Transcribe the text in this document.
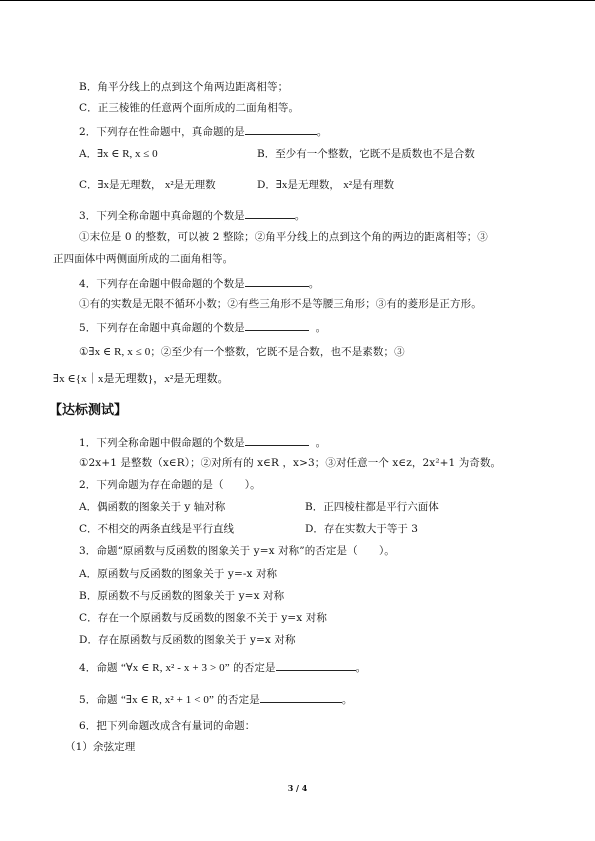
B．角平分线上的点到这个角两边距离相等；
C．正三棱锥的任意两个面所成的二面角相等。
2．下列存在性命题中，真命题的是	。
A．∃x ∈ R, x ≤ 0	B．至少有一个整数，它既不是质数也不是合数
C．∃x是无理数， x²是无理数	D．∃x是无理数， x²是有理数
3．下列全称命题中真命题的个数是	。
①末位是 0 的整数，可以被 2 整除；②角平分线上的点到这个角的两边的距离相等；③
正四面体中两侧面所成的二面角相等。
4．下列存在命题中假命题的个数是	。
①有的实数是无限不循环小数；②有些三角形不是等腰三角形；③有的菱形是正方形。
5．下列存在命题中真命题的个数是	。
①∃x ∈ R, x ≤ 0；②至少有一个整数，它既不是合数，也不是素数；③
∃x ∈{x｜x是无理数}，x²是无理数。
【达标测试】
1．下列全称命题中假命题的个数是	。
①2x+1 是整数（x∈R）；②对所有的 x∈R ，x>3；③对任意一个 x∈z，2x²+1 为奇数。
2．下列命题为存在命题的是（　　）。
A．偶函数的图象关于 y 轴对称	B．正四棱柱都是平行六面体
C．不相交的两条直线是平行直线	D．存在实数大于等于 3
3．命题“原函数与反函数的图象关于 y=x 对称”的否定是（　　）。
A．原函数与反函数的图象关于 y=-x 对称
B．原函数不与反函数的图象关于 y=x 对称
C．存在一个原函数与反函数的图象不关于 y=x 对称
D．存在原函数与反函数的图象关于 y=x 对称
4．命题 “∀x ∈ R, x² - x + 3 > 0” 的否定是	。
5．命题 “∃x ∈ R, x² + 1 < 0” 的否定是	。
6．把下列命题改成含有量词的命题：
（1）余弦定理
3 / 4
